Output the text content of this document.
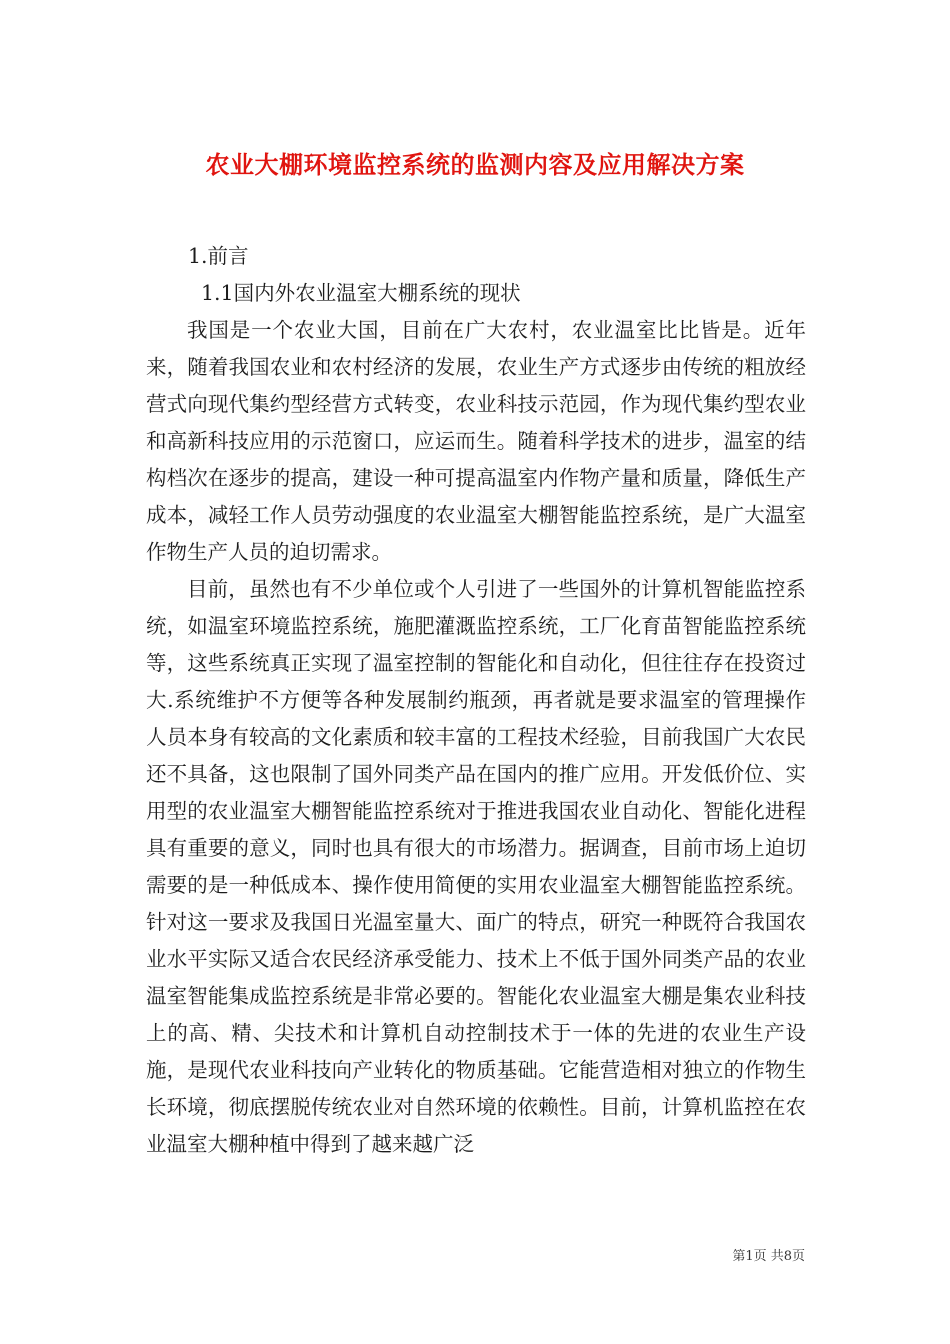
农业大棚环境监控系统的监测内容及应用解决方案

1.前言

1.1国内外农业温室大棚系统的现状

我国是一个农业大国，目前在广大农村，农业温室比比皆是。近年来，随着我国农业和农村经济的发展，农业生产方式逐步由传统的粗放经营式向现代集约型经营方式转变，农业科技示范园，作为现代集约型农业和高新科技应用的示范窗口，应运而生。随着科学技术的进步，温室的结构档次在逐步的提高，建设一种可提高温室内作物产量和质量，降低生产成本，减轻工作人员劳动强度的农业温室大棚智能监控系统，是广大温室作物生产人员的迫切需求。

目前，虽然也有不少单位或个人引进了一些国外的计算机智能监控系统，如温室环境监控系统，施肥灌溉监控系统，工厂化育苗智能监控系统等，这些系统真正实现了温室控制的智能化和自动化，但往往存在投资过大.系统维护不方便等各种发展制约瓶颈，再者就是要求温室的管理操作人员本身有较高的文化素质和较丰富的工程技术经验，目前我国广大农民还不具备，这也限制了国外同类产品在国内的推广应用。开发低价位、实用型的农业温室大棚智能监控系统对于推进我国农业自动化、智能化进程具有重要的意义，同时也具有很大的市场潜力。据调查，目前市场上迫切需要的是一种低成本、操作使用简便的实用农业温室大棚智能监控系统。针对这一要求及我国日光温室量大、面广的特点，研究一种既符合我国农业水平实际又适合农民经济承受能力、技术上不低于国外同类产品的农业温室智能集成监控系统是非常必要的。智能化农业温室大棚是集农业科技上的高、精、尖技术和计算机自动控制技术于一体的先进的农业生产设施，是现代农业科技向产业转化的物质基础。它能营造相对独立的作物生长环境，彻底摆脱传统农业对自然环境的依赖性。目前，计算机监控在农业温室大棚种植中得到了越来越广泛

第1页 共8页
